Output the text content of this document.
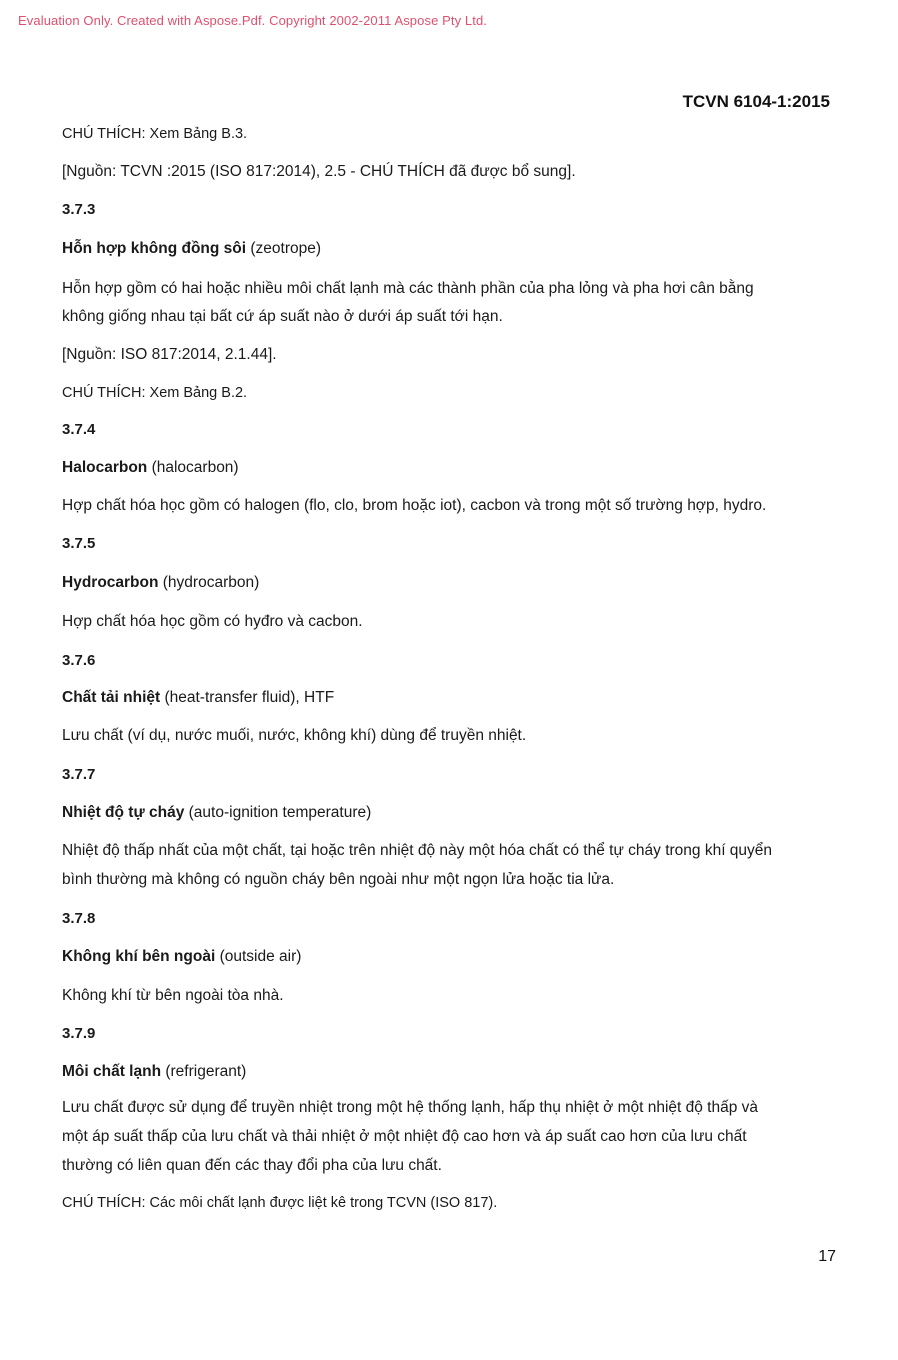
Evaluation Only. Created with Aspose.Pdf. Copyright 2002-2011 Aspose Pty Ltd.
TCVN 6104-1:2015
CHÚ THÍCH: Xem Bảng B.3.
[Nguồn: TCVN :2015 (ISO 817:2014), 2.5 - CHÚ THÍCH đã được bổ sung].
3.7.3
Hỗn hợp không đồng sôi (zeotrope)
Hỗn hợp gồm có hai hoặc nhiều môi chất lạnh mà các thành phần của pha lỏng và pha hơi cân bằng
không giống nhau tại bất cứ áp suất nào ở dưới áp suất tới hạn.
[Nguồn: ISO 817:2014, 2.1.44].
CHÚ THÍCH: Xem Bảng B.2.
3.7.4
Halocarbon (halocarbon)
Hợp chất hóa học gồm có halogen (flo, clo, brom hoặc iot), cacbon và trong một số trường hợp, hydro.
3.7.5
Hydrocarbon (hydrocarbon)
Hợp chất hóa học gồm có hyđro và cacbon.
3.7.6
Chất tải nhiệt (heat-transfer fluid), HTF
Lưu chất (ví dụ, nước muối, nước, không khí) dùng để truyền nhiệt.
3.7.7
Nhiệt độ tự cháy (auto-ignition temperature)
Nhiệt độ thấp nhất của một chất, tại hoặc trên nhiệt độ này một hóa chất có thể tự cháy trong khí quyển
bình thường mà không có nguồn cháy bên ngoài như một ngọn lửa hoặc tia lửa.
3.7.8
Không khí bên ngoài (outside air)
Không khí từ bên ngoài tòa nhà.
3.7.9
Môi chất lạnh (refrigerant)
Lưu chất được sử dụng để truyền nhiệt trong một hệ thống lạnh, hấp thụ nhiệt ở một nhiệt độ thấp và
một áp suất thấp của lưu chất và thải nhiệt ở một nhiệt độ cao hơn và áp suất cao hơn của lưu chất
thường có liên quan đến các thay đổi pha của lưu chất.
CHÚ THÍCH: Các môi chất lạnh được liệt kê trong TCVN (ISO 817).
17
